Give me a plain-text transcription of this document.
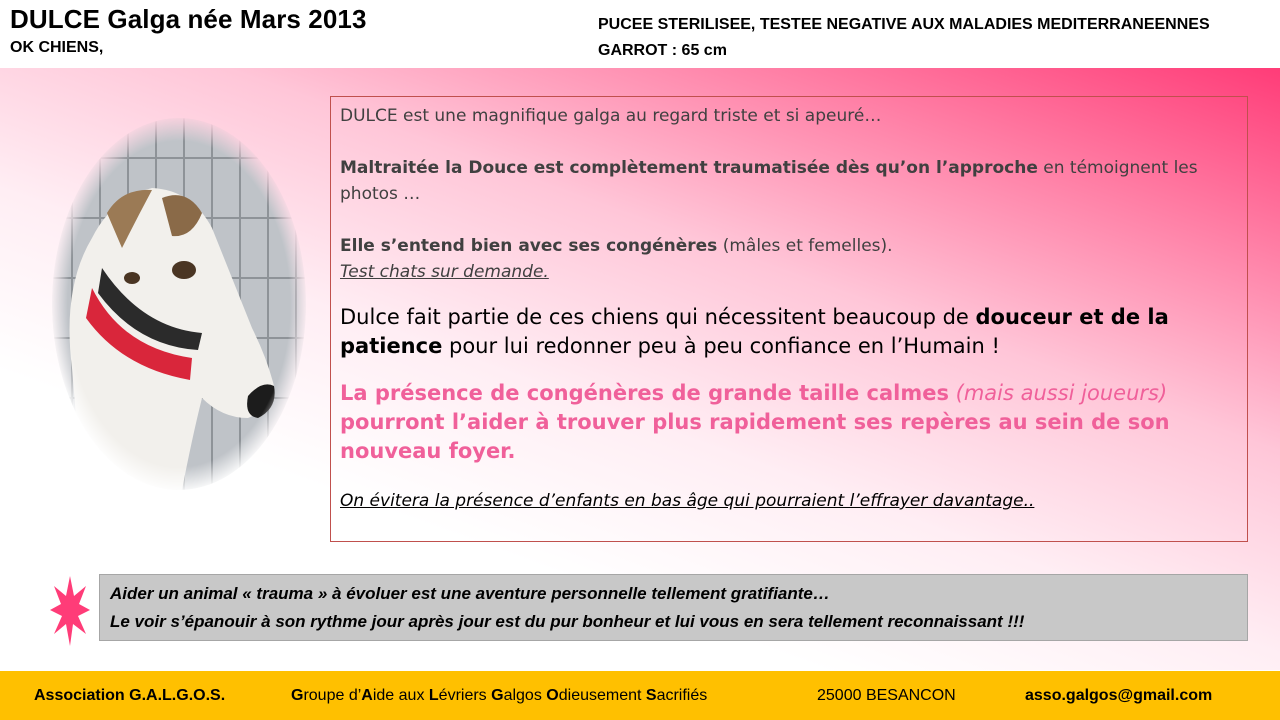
DULCE Galga née Mars 2013
OK CHIENS,
PUCEE STERILISEE, TESTEE NEGATIVE AUX MALADIES MEDITERRANEENNES
GARROT : 65 cm

DULCE est une magnifique galga au regard triste et si apeuré…

Maltraitée la Douce est complètement traumatisée dès qu’on l’approche en témoignent les photos …

Elle s’entend bien avec ses congénères (mâles et femelles).

Test chats sur demande.

Dulce fait partie de ces chiens qui nécessitent beaucoup de douceur et de la patience pour lui redonner peu à peu confiance en l’Humain !

La présence de congénères de grande taille calmes (mais aussi joueurs) pourront l’aider à trouver plus rapidement ses repères au sein de son nouveau foyer.

On évitera la présence d’enfants en bas âge qui pourraient l’effrayer davantage..

Aider un animal « trauma » à évoluer est une aventure personnelle tellement gratifiante…
Le voir s’épanouir à son rythme jour après jour est du pur bonheur et lui vous en sera tellement reconnaissant !!!
Association G.A.L.G.O.S.	Groupe d’Aide aux Lévriers Galgos Odieusement Sacrifiés	25000 BESANCON	asso.galgos@gmail.com
